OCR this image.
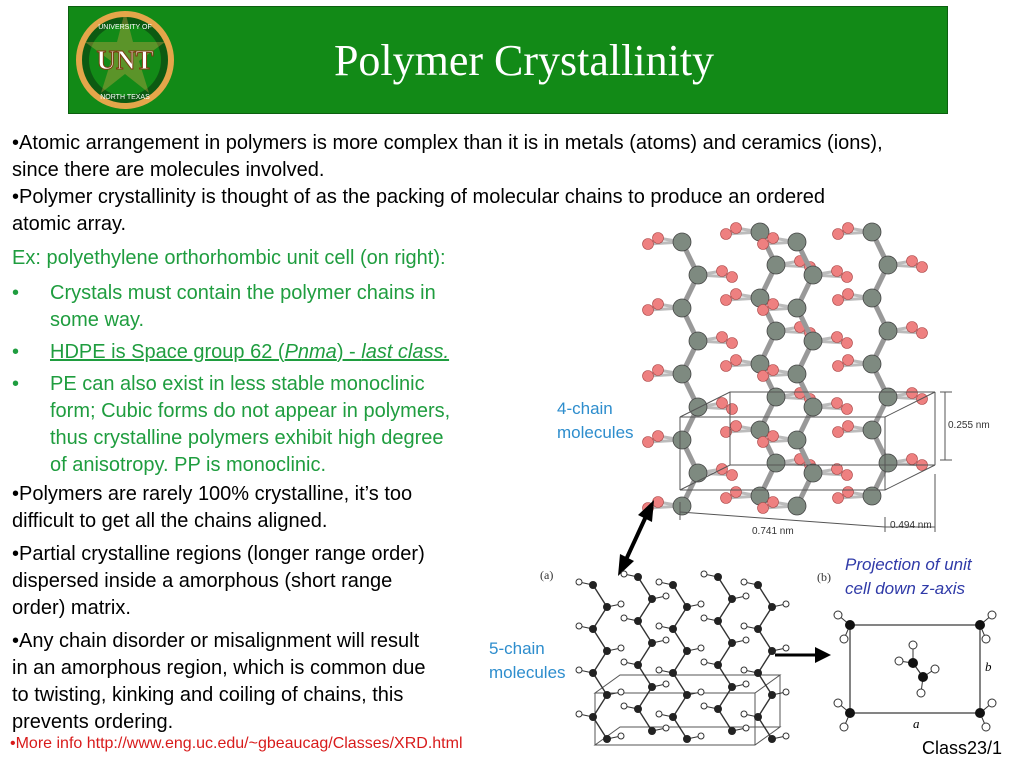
UNT
UNIVERSITY OF
NORTH TEXAS
Polymer Crystallinity
•Atomic arrangement in polymers is more complex than it is in metals (atoms) and ceramics (ions),
since there are molecules involved.
•Polymer crystallinity is thought of as the packing of molecular chains to produce an ordered
atomic array.
Ex: polyethylene orthorhombic unit cell (on right):
• Crystals must contain the polymer chains in
some way.
• HDPE is Space group 62 (Pnma) - last class.
• PE can also exist in less stable monoclinic
form; Cubic forms do not appear in polymers,
thus crystalline polymers exhibit high degree
of anisotropy. PP is monoclinic.
•Polymers are rarely 100% crystalline, it’s too
difficult to get all the chains aligned.
•Partial crystalline regions (longer range order)
dispersed inside a amorphous (short range
order) matrix.
•Any chain disorder or misalignment will result
in an amorphous region, which is common due
to twisting, kinking and coiling of chains, this
prevents ordering.
•More info http://www.eng.uc.edu/~gbeaucag/Classes/XRD.html	Class23/1
4-chain
molecules
5-chain
molecules
Projection of unit
cell down z-axis
0.255 nm
0.741 nm
0.494 nm
(a)	(b)
b
a
